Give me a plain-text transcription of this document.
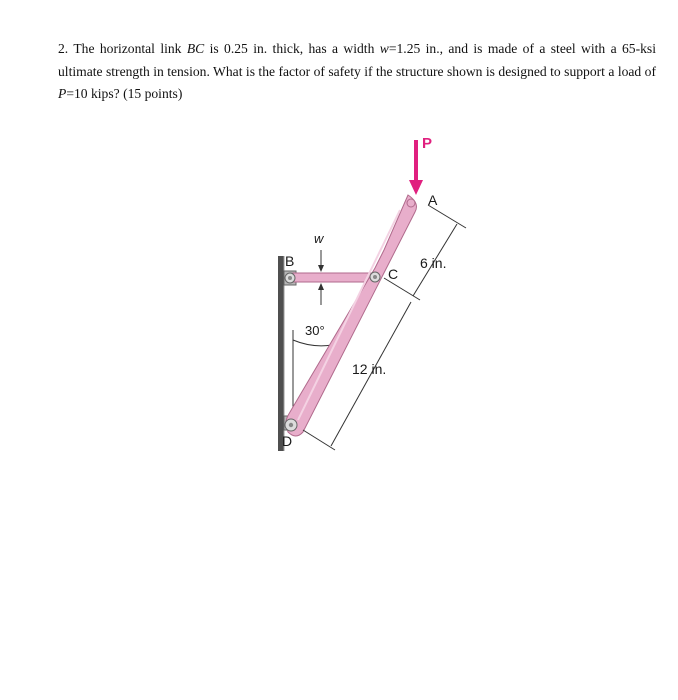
2. The horizontal link BC is 0.25 in. thick, has a width w=1.25 in., and is made of a steel with a 65-ksi ultimate strength in tension. What is the factor of safety if the structure shown is designed to support a load of P=10 kips? (15 points)
P
A
B
C
D
w
30°
6 in.
12 in.
